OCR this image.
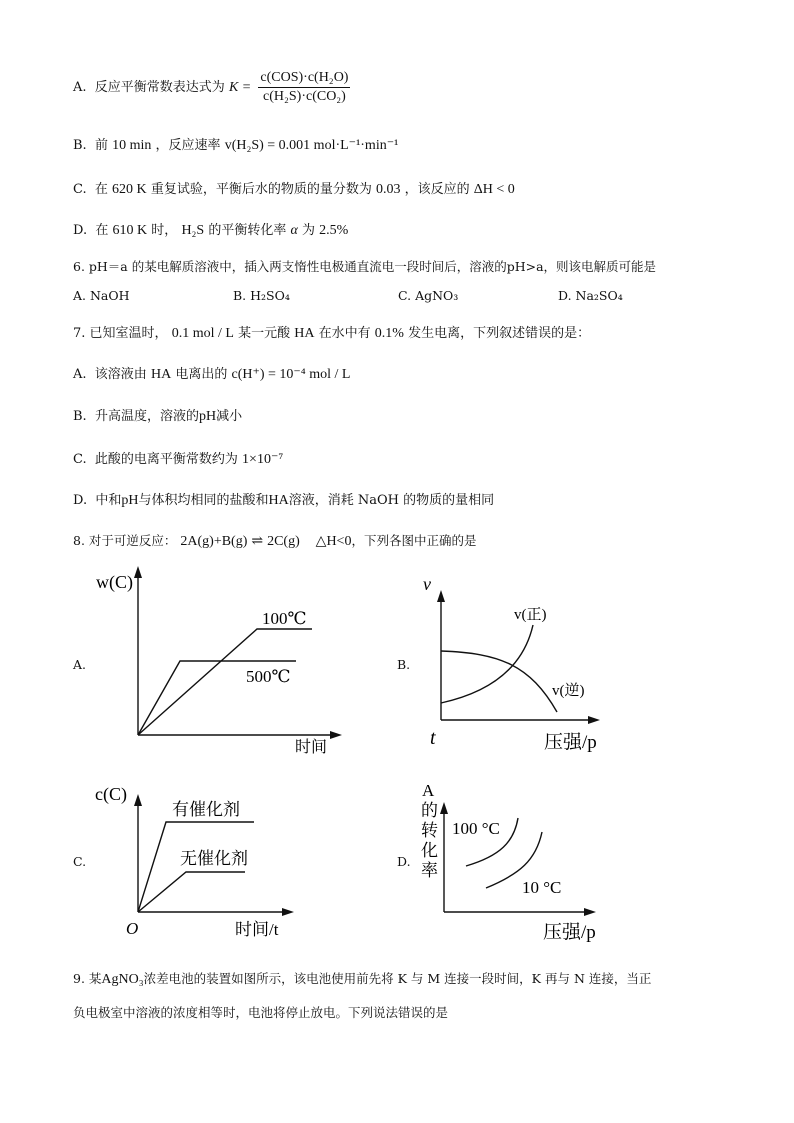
A. 反应平衡常数表达式为 $K = \frac{\text{c(COS)·c(H₂O)}}{\text{c(H₂S)·c(CO₂)}}$
B. 前 10 min ，反应速率 v(H₂S) = 0.001 mol·L⁻¹·min⁻¹
C. 在 620 K 重复试验，平衡后水的物质的量分数为 0.03 ，该反应的 ΔH < 0
D. 在 610 K 时， H₂S 的平衡转化率 α 为 2.5%
6. pH＝a 的某电解质溶液中，插入两支惰性电极通直流电一段时间后，溶液的pH>a，则该电解质可能是
A. NaOH	B. H₂SO₄	C. AgNO₃	D. Na₂SO₄
7. 已知室温时， 0.1 mol / L 某一元酸 HA 在水中有 0.1% 发生电离，下列叙述错误的是：
A. 该溶液由 HA 电离出的 c(H⁺) = 10⁻⁴ mol / L
B. 升高温度，溶液的pH减小
C. 此酸的电离平衡常数约为 1×10⁻⁷
D. 中和pH与体积均相同的盐酸和HA溶液，消耗 NaOH 的物质的量相同
8. 对于可逆反应： 2A(g)+B(g) ⇌ 2C(g) △H<0，下列各图中正确的是
A.	B.
C.	D.
w(C)
时间
100℃
500℃
v
t	压强/p
v(正)
v(逆)
c(C)
O	时间/t
有催化剂
无催化剂
A 的 转 化 率
压强/p
100 °C
10 °C
9. 某AgNO₃浓差电池的装置如图所示，该电池使用前先将 K 与 M 连接一段时间，K 再与 N 连接，当正
负电极室中溶液的浓度相等时，电池将停止放电。下列说法错误的是
